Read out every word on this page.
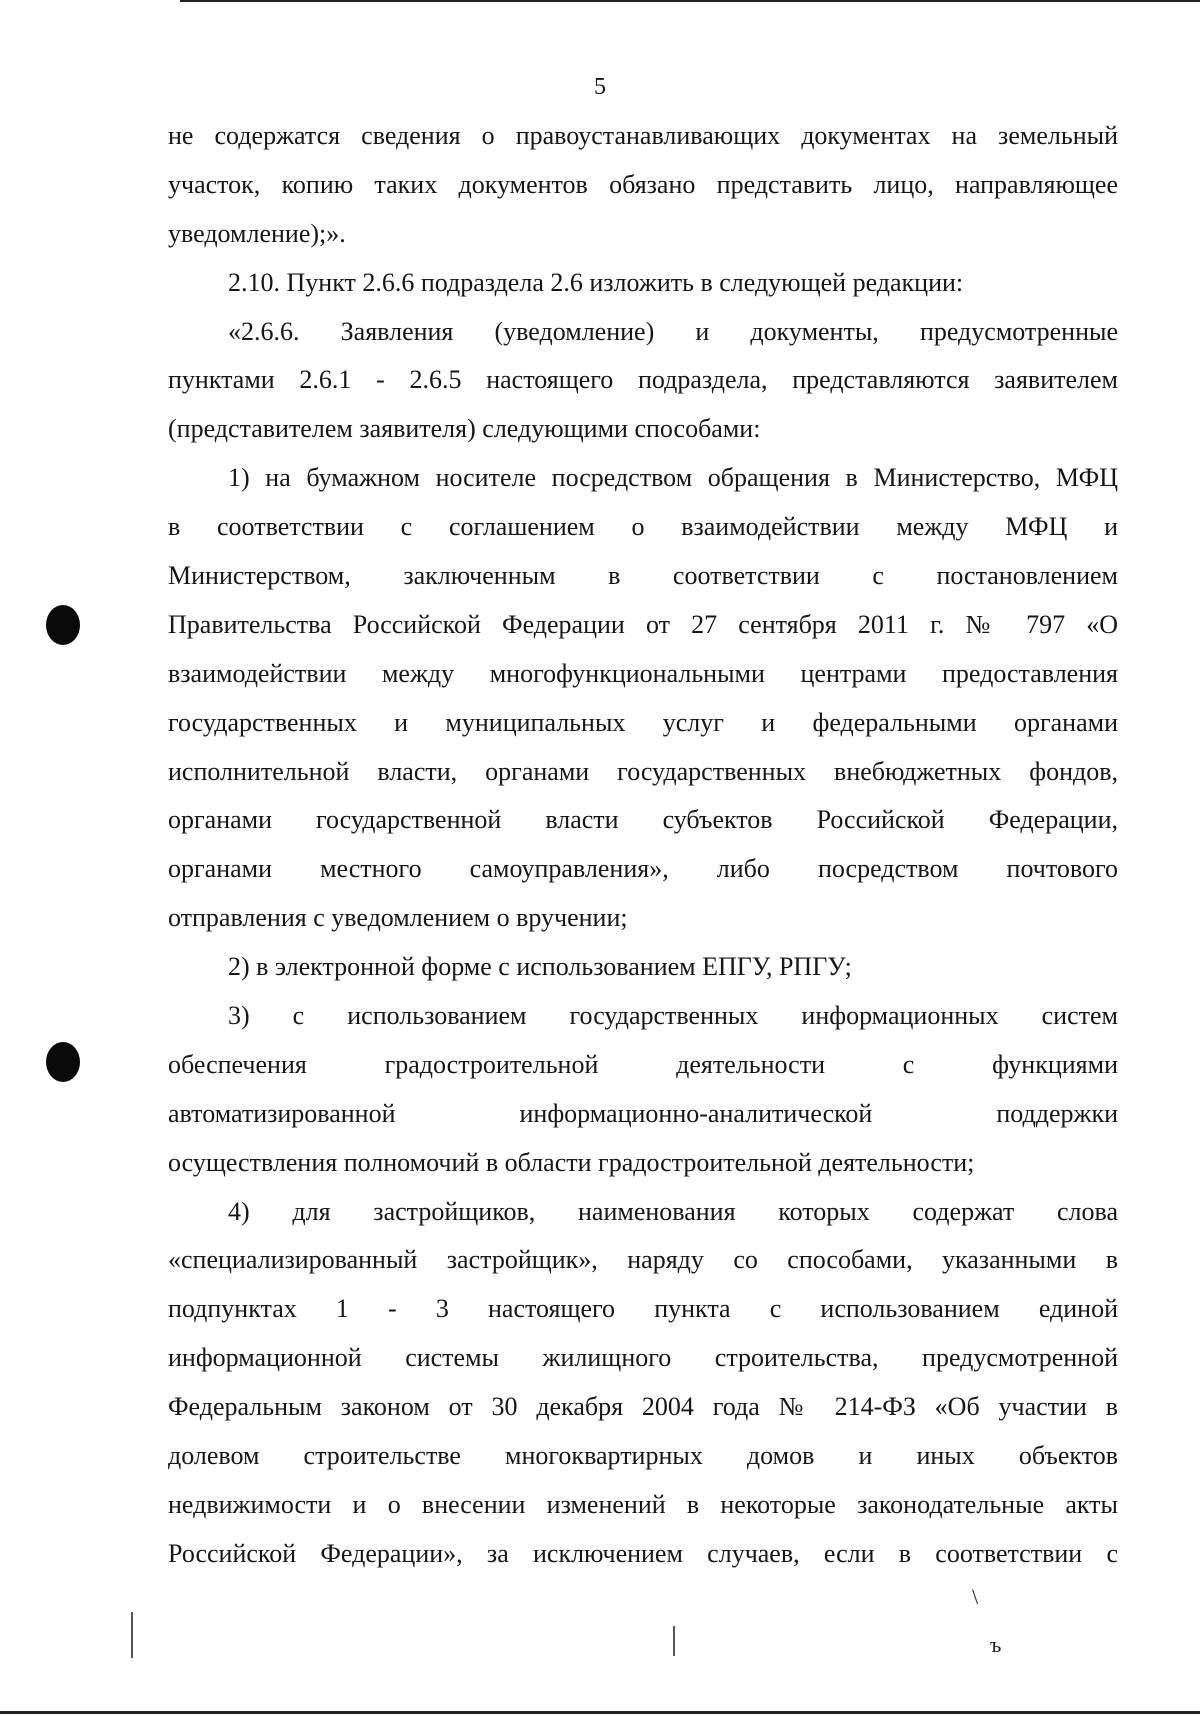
5
не содержатся сведения о правоустанавливающих документах на земельный
участок, копию таких документов обязано представить лицо, направляющее
уведомление);».
2.10. Пункт 2.6.6 подраздела 2.6 изложить в следующей редакции:
«2.6.6. Заявления (уведомление) и документы, предусмотренные
пунктами 2.6.1 - 2.6.5 настоящего подраздела, представляются заявителем
(представителем заявителя) следующими способами:
1) на бумажном носителе посредством обращения в Министерство, МФЦ
в соответствии с соглашением о взаимодействии между МФЦ и
Министерством, заключенным в соответствии с постановлением
Правительства Российской Федерации от 27 сентября 2011 г. № 797 «О
взаимодействии между многофункциональными центрами предоставления
государственных и муниципальных услуг и федеральными органами
исполнительной власти, органами государственных внебюджетных фондов,
органами государственной власти субъектов Российской Федерации,
органами местного самоуправления», либо посредством почтового
отправления с уведомлением о вручении;
2) в электронной форме с использованием ЕПГУ, РПГУ;
3) с использованием государственных информационных систем
обеспечения градостроительной деятельности с функциями
автоматизированной информационно-аналитической поддержки
осуществления полномочий в области градостроительной деятельности;
4) для застройщиков, наименования которых содержат слова
«специализированный застройщик», наряду со способами, указанными в
подпунктах 1 - 3 настоящего пункта с использованием единой
информационной системы жилищного строительства, предусмотренной
Федеральным законом от 30 декабря 2004 года № 214-ФЗ «Об участии в
долевом строительстве многоквартирных домов и иных объектов
недвижимости и о внесении изменений в некоторые законодательные акты
Российской Федерации», за исключением случаев, если в соответствии с
\
ъ
